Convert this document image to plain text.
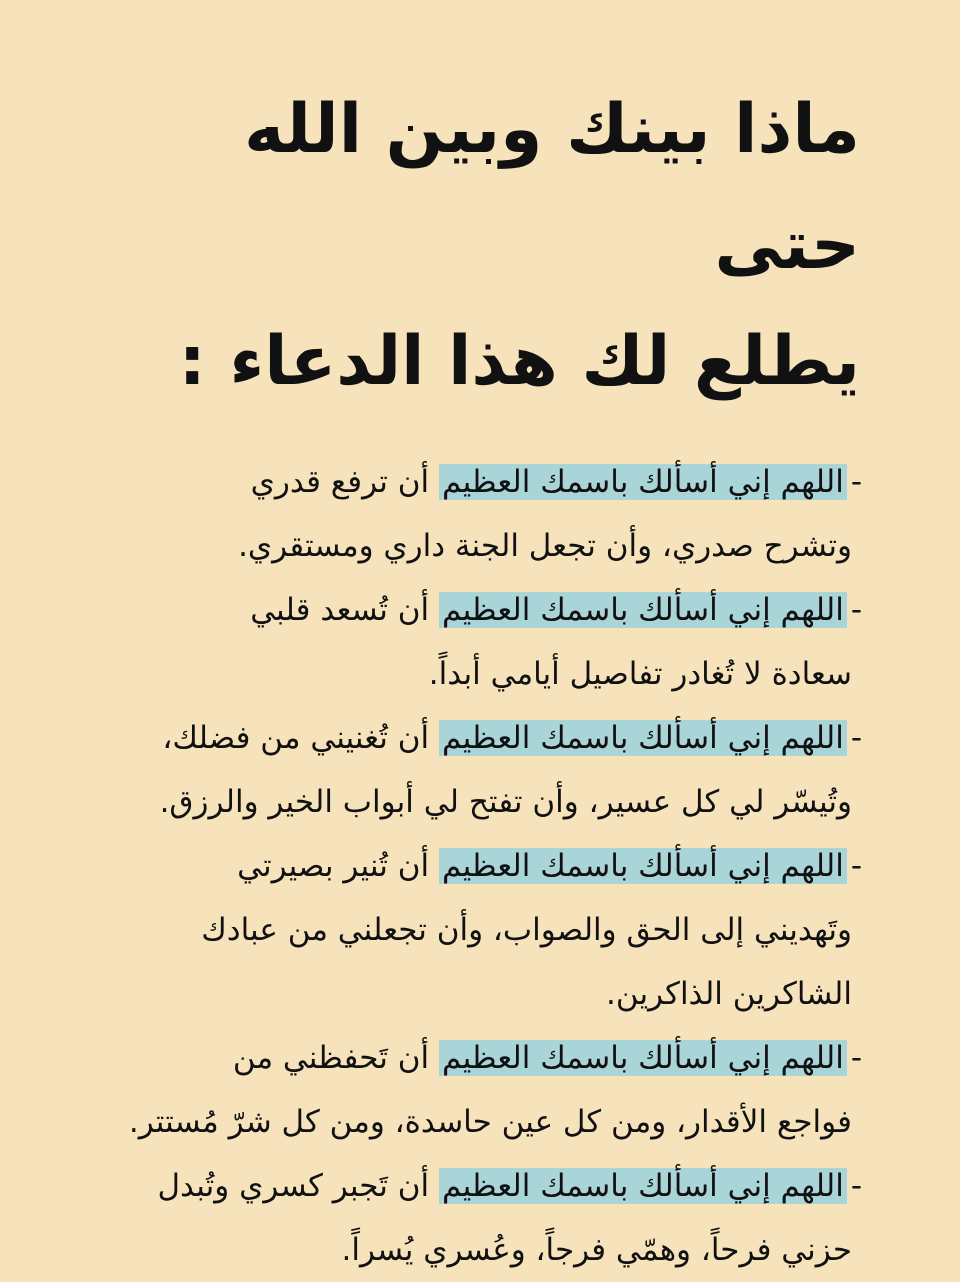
ماذا بينك وبين الله حتى
يطلع لك هذا الدعاء :
-اللهم إني أسألك باسمك العظيم أن ترفع قدري
وتشرح صدري، وأن تجعل الجنة داري ومستقري.
-اللهم إني أسألك باسمك العظيم أن تُسعد قلبي
سعادة لا تُغادر تفاصيل أيامي أبداً.
-اللهم إني أسألك باسمك العظيم أن تُغنيني من فضلك،
وتُيسّر لي كل عسير، وأن تفتح لي أبواب الخير والرزق.
-اللهم إني أسألك باسمك العظيم أن تُنير بصيرتي
وتَهديني إلى الحق والصواب، وأن تجعلني من عبادك
الشاكرين الذاكرين.
-اللهم إني أسألك باسمك العظيم أن تَحفظني من
فواجع الأقدار، ومن كل عين حاسدة، ومن كل شرّ مُستتر.
-اللهم إني أسألك باسمك العظيم أن تَجبر كسري وتُبدل
حزني فرحاً، وهمّي فرجاً، وعُسري يُسراً.
